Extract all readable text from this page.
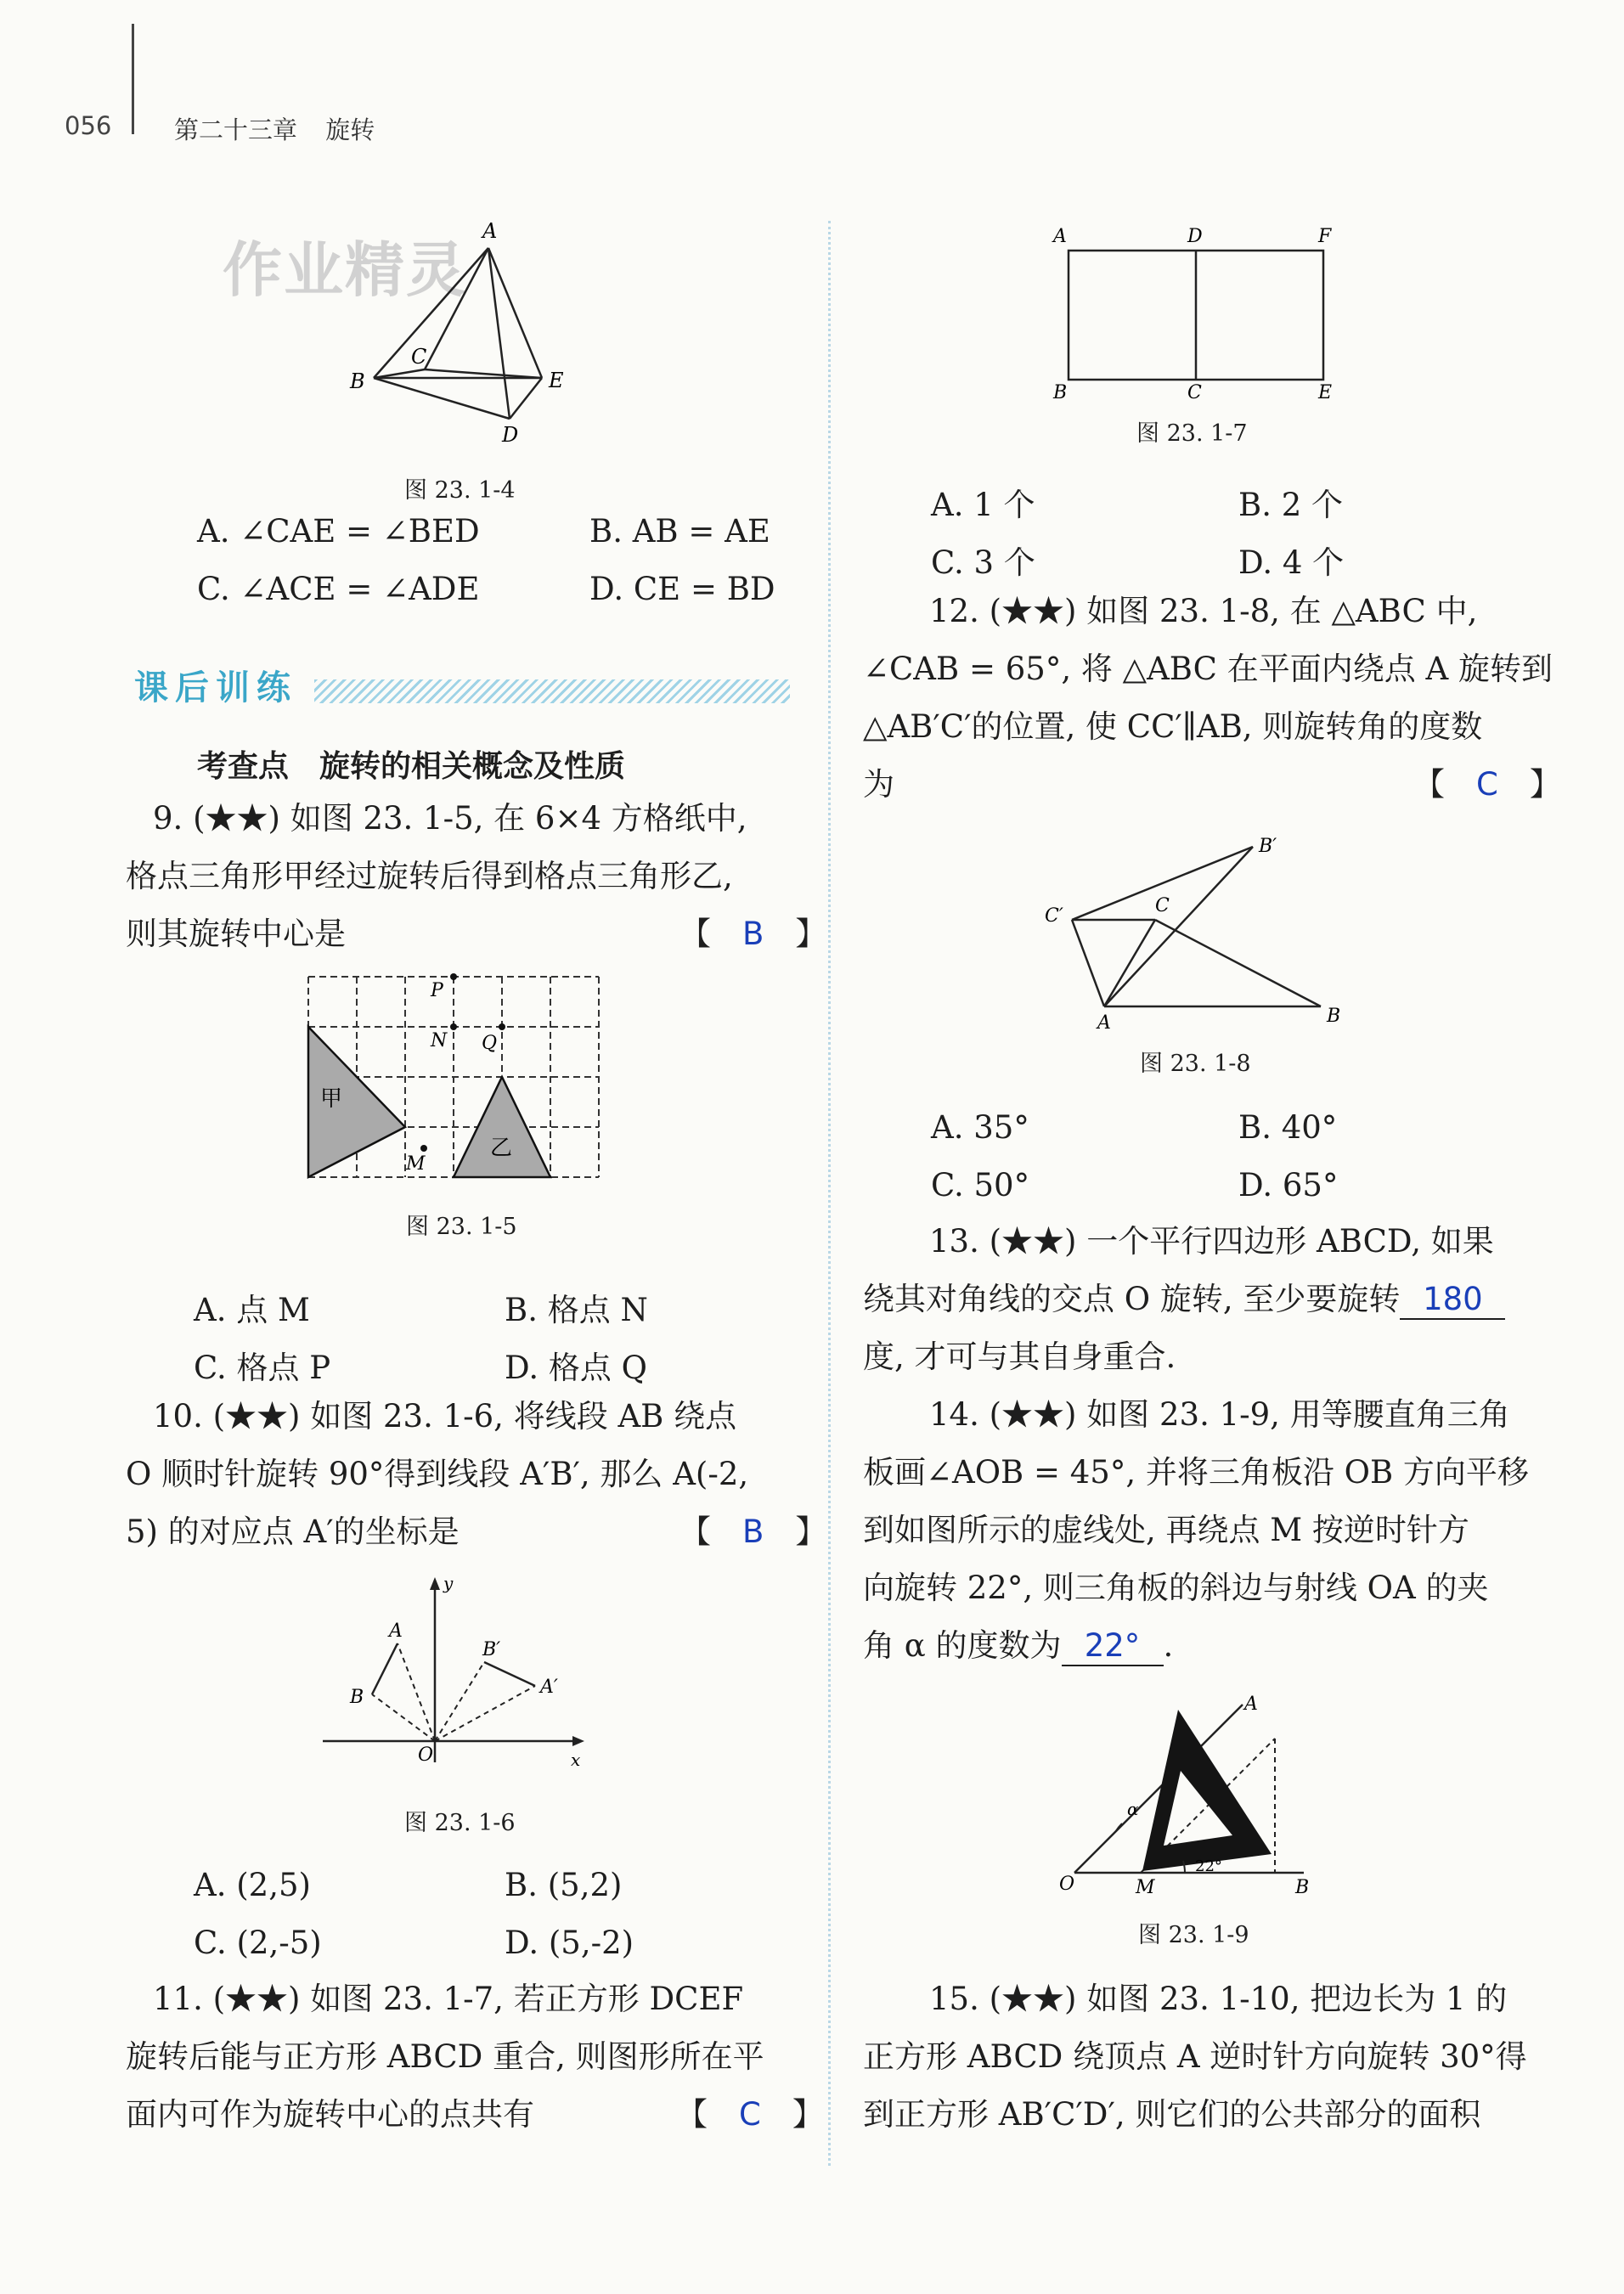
056	第二十三章 旋转
作业精灵
A
B
C
D
E
图 23. 1-4
A. ∠CAE = ∠BED	B. AB = AE
C. ∠ACE = ∠ADE	D. CE = BD
课后训练
考查点　旋转的相关概念及性质
9. (★★) 如图 23. 1-5, 在 6×4 方格纸中,
格点三角形甲经过旋转后得到格点三角形乙,
则其旋转中心是	【　B　】
P
N Q
M
甲
乙
图 23. 1-5
A. 点 M	B. 格点 N
C. 格点 P	D. 格点 Q
10. (★★) 如图 23. 1-6, 将线段 AB 绕点
O 顺时针旋转 90°得到线段 A′B′, 那么 A(-2,
5) 的对应点 A′的坐标是	【　B　】
A
B
B′
A′
O	x
y
图 23. 1-6
A. (2,5)	B. (5,2)
C. (2,-5)	D. (5,-2)
11. (★★) 如图 23. 1-7, 若正方形 DCEF
旋转后能与正方形 ABCD 重合, 则图形所在平
面内可作为旋转中心的点共有	【　C　】
A	D	F
B	C	E
图 23. 1-7
A. 1 个	B. 2 个
C. 3 个	D. 4 个
12. (★★) 如图 23. 1-8, 在 △ABC 中,
∠CAB = 65°, 将 △ABC 在平面内绕点 A 旋转到
△AB′C′的位置, 使 CC′∥AB, 则旋转角的度数
为	【　C　】
A	B
C
B′
C′
图 23. 1-8
A. 35°	B. 40°
C. 50°	D. 65°
13. (★★) 一个平行四边形 ABCD, 如果
绕其对角线的交点 O 旋转, 至少要旋转 180
度, 才可与其自身重合.
14. (★★) 如图 23. 1-9, 用等腰直角三角
板画∠AOB = 45°, 并将三角板沿 OB 方向平移
到如图所示的虚线处, 再绕点 M 按逆时针方
向旋转 22°, 则三角板的斜边与射线 OA 的夹
角 α 的度数为 22° .
A
O	M	B
α
22°
图 23. 1-9
15. (★★) 如图 23. 1-10, 把边长为 1 的
正方形 ABCD 绕顶点 A 逆时针方向旋转 30°得
到正方形 AB′C′D′, 则它们的公共部分的面积
